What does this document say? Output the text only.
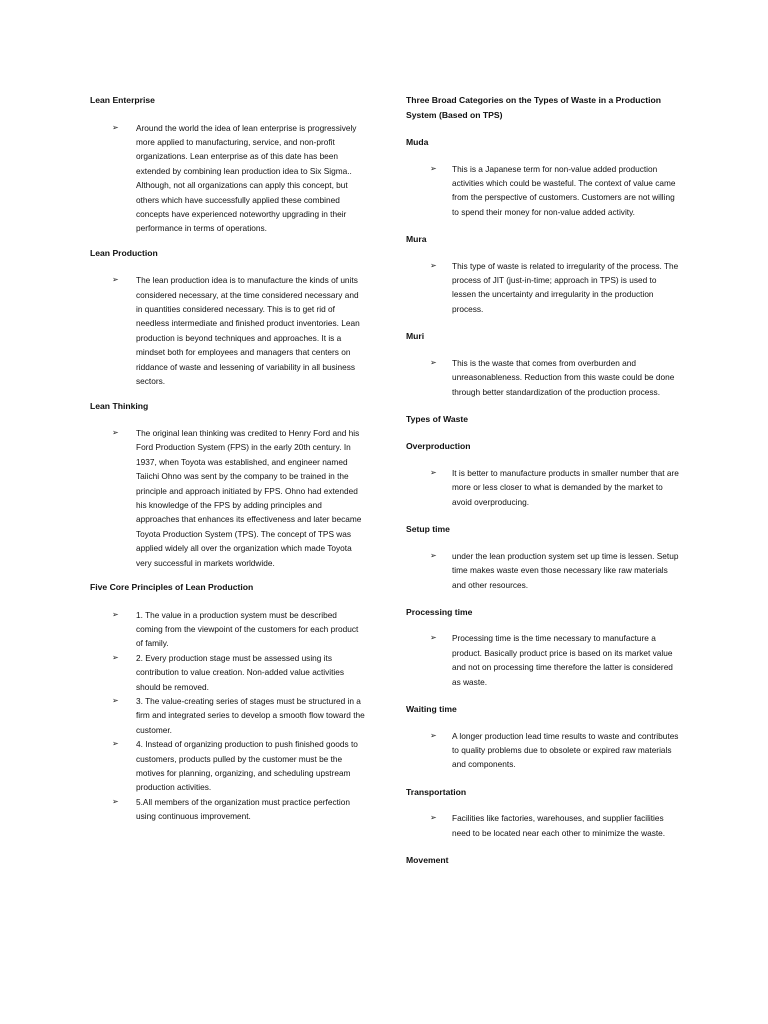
Lean Enterprise
➢ Around the world the idea of lean enterprise is progressively more applied to manufacturing, service, and non-profit organizations. Lean enterprise as of this date has been extended by combining lean production idea to Six Sigma.. Although, not all organizations can apply this concept, but others which have successfully applied these combined concepts have experienced noteworthy upgrading in their performance in terms of operations.
Lean Production
➢ The lean production idea is to manufacture the kinds of units considered necessary, at the time considered necessary and in quantities considered necessary. This is to get rid of needless intermediate and finished product inventories. Lean production is beyond techniques and approaches. It is a mindset both for employees and managers that centers on riddance of waste and lessening of variability in all business sectors.
Lean Thinking
➢ The original lean thinking was credited to Henry Ford and his Ford Production System (FPS) in the early 20th century. In 1937, when Toyota was established, and engineer named Taiichi Ohno was sent by the company to be trained in the principle and approach initiated by FPS. Ohno had extended his knowledge of the FPS by adding principles and approaches that enhances its effectiveness and later became Toyota Production System (TPS). The concept of TPS was applied widely all over the organization which made Toyota very successful in markets worldwide.
Five Core Principles of Lean Production
➢ 1. The value in a production system must be described coming from the viewpoint of the customers for each product of family.
➢ 2. Every production stage must be assessed using its contribution to value creation. Non-added value activities should be removed.
➢ 3. The value-creating series of stages must be structured in a firm and integrated series to develop a smooth flow toward the customer.
➢ 4. Instead of organizing production to push finished goods to customers, products pulled by the customer must be the motives for planning, organizing, and scheduling upstream production activities.
➢ 5.All members of the organization must practice perfection using continuous improvement.
Three Broad Categories on the Types of Waste in a Production System (Based on TPS)
Muda
➢ This is a Japanese term for non-value added production activities which could be wasteful. The context of value came from the perspective of customers. Customers are not willing to spend their money for non-value added activity.
Mura
➢ This type of waste is related to irregularity of the process. The process of JIT (just-in-time; approach in TPS) is used to lessen the uncertainty and irregularity in the production process.
Muri
➢ This is the waste that comes from overburden and unreasonableness. Reduction from this waste could be done through better standardization of the production process.
Types of Waste
Overproduction
➢ It is better to manufacture products in smaller number that are more or less closer to what is demanded by the market to avoid overproducing.
Setup time
➢ under the lean production system set up time is lessen. Setup time makes waste even those necessary like raw materials and other resources.
Processing time
➢ Processing time is the time necessary to manufacture a product. Basically product price is based on its market value and not on processing time therefore the latter is considered as waste.
Waiting time
➢ A longer production lead time results to waste and contributes to quality problems due to obsolete or expired raw materials and components.
Transportation
➢ Facilities like factories, warehouses, and supplier facilities need to be located near each other to minimize the waste.
Movement
